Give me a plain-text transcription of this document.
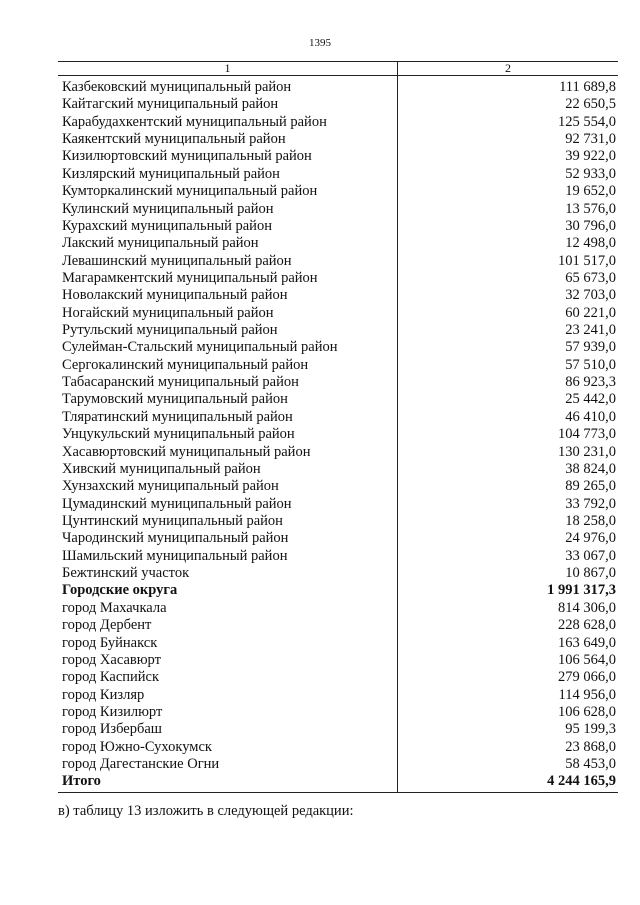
1395
1	2
Казбековский муниципальный район	111 689,8
Кайтагский муниципальный район	22 650,5
Карабудахкентский муниципальный район	125 554,0
Каякентский муниципальный район	92 731,0
Кизилюртовский муниципальный район	39 922,0
Кизлярский муниципальный район	52 933,0
Кумторкалинский муниципальный район	19 652,0
Кулинский муниципальный район	13 576,0
Курахский муниципальный район	30 796,0
Лакский муниципальный район	12 498,0
Левашинский муниципальный район	101 517,0
Магарамкентский муниципальный район	65 673,0
Новолакский муниципальный район	32 703,0
Ногайский муниципальный район	60 221,0
Рутульский муниципальный район	23 241,0
Сулейман-Стальский муниципальный район	57 939,0
Сергокалинский муниципальный район	57 510,0
Табасаранский муниципальный район	86 923,3
Тарумовский муниципальный район	25 442,0
Тляратинский муниципальный район	46 410,0
Унцукульский муниципальный район	104 773,0
Хасавюртовский муниципальный район	130 231,0
Хивский муниципальный район	38 824,0
Хунзахский муниципальный район	89 265,0
Цумадинский муниципальный район	33 792,0
Цунтинский муниципальный район	18 258,0
Чародинский муниципальный район	24 976,0
Шамильский муниципальный район	33 067,0
Бежтинский участок	10 867,0
Городские округа	1 991 317,3
город Махачкала	814 306,0
город Дербент	228 628,0
город Буйнакск	163 649,0
город Хасавюрт	106 564,0
город Каспийск	279 066,0
город Кизляр	114 956,0
город Кизилюрт	106 628,0
город Избербаш	95 199,3
город Южно-Сухокумск	23 868,0
город Дагестанские Огни	58 453,0
Итого	4 244 165,9
в) таблицу 13 изложить в следующей редакции:
